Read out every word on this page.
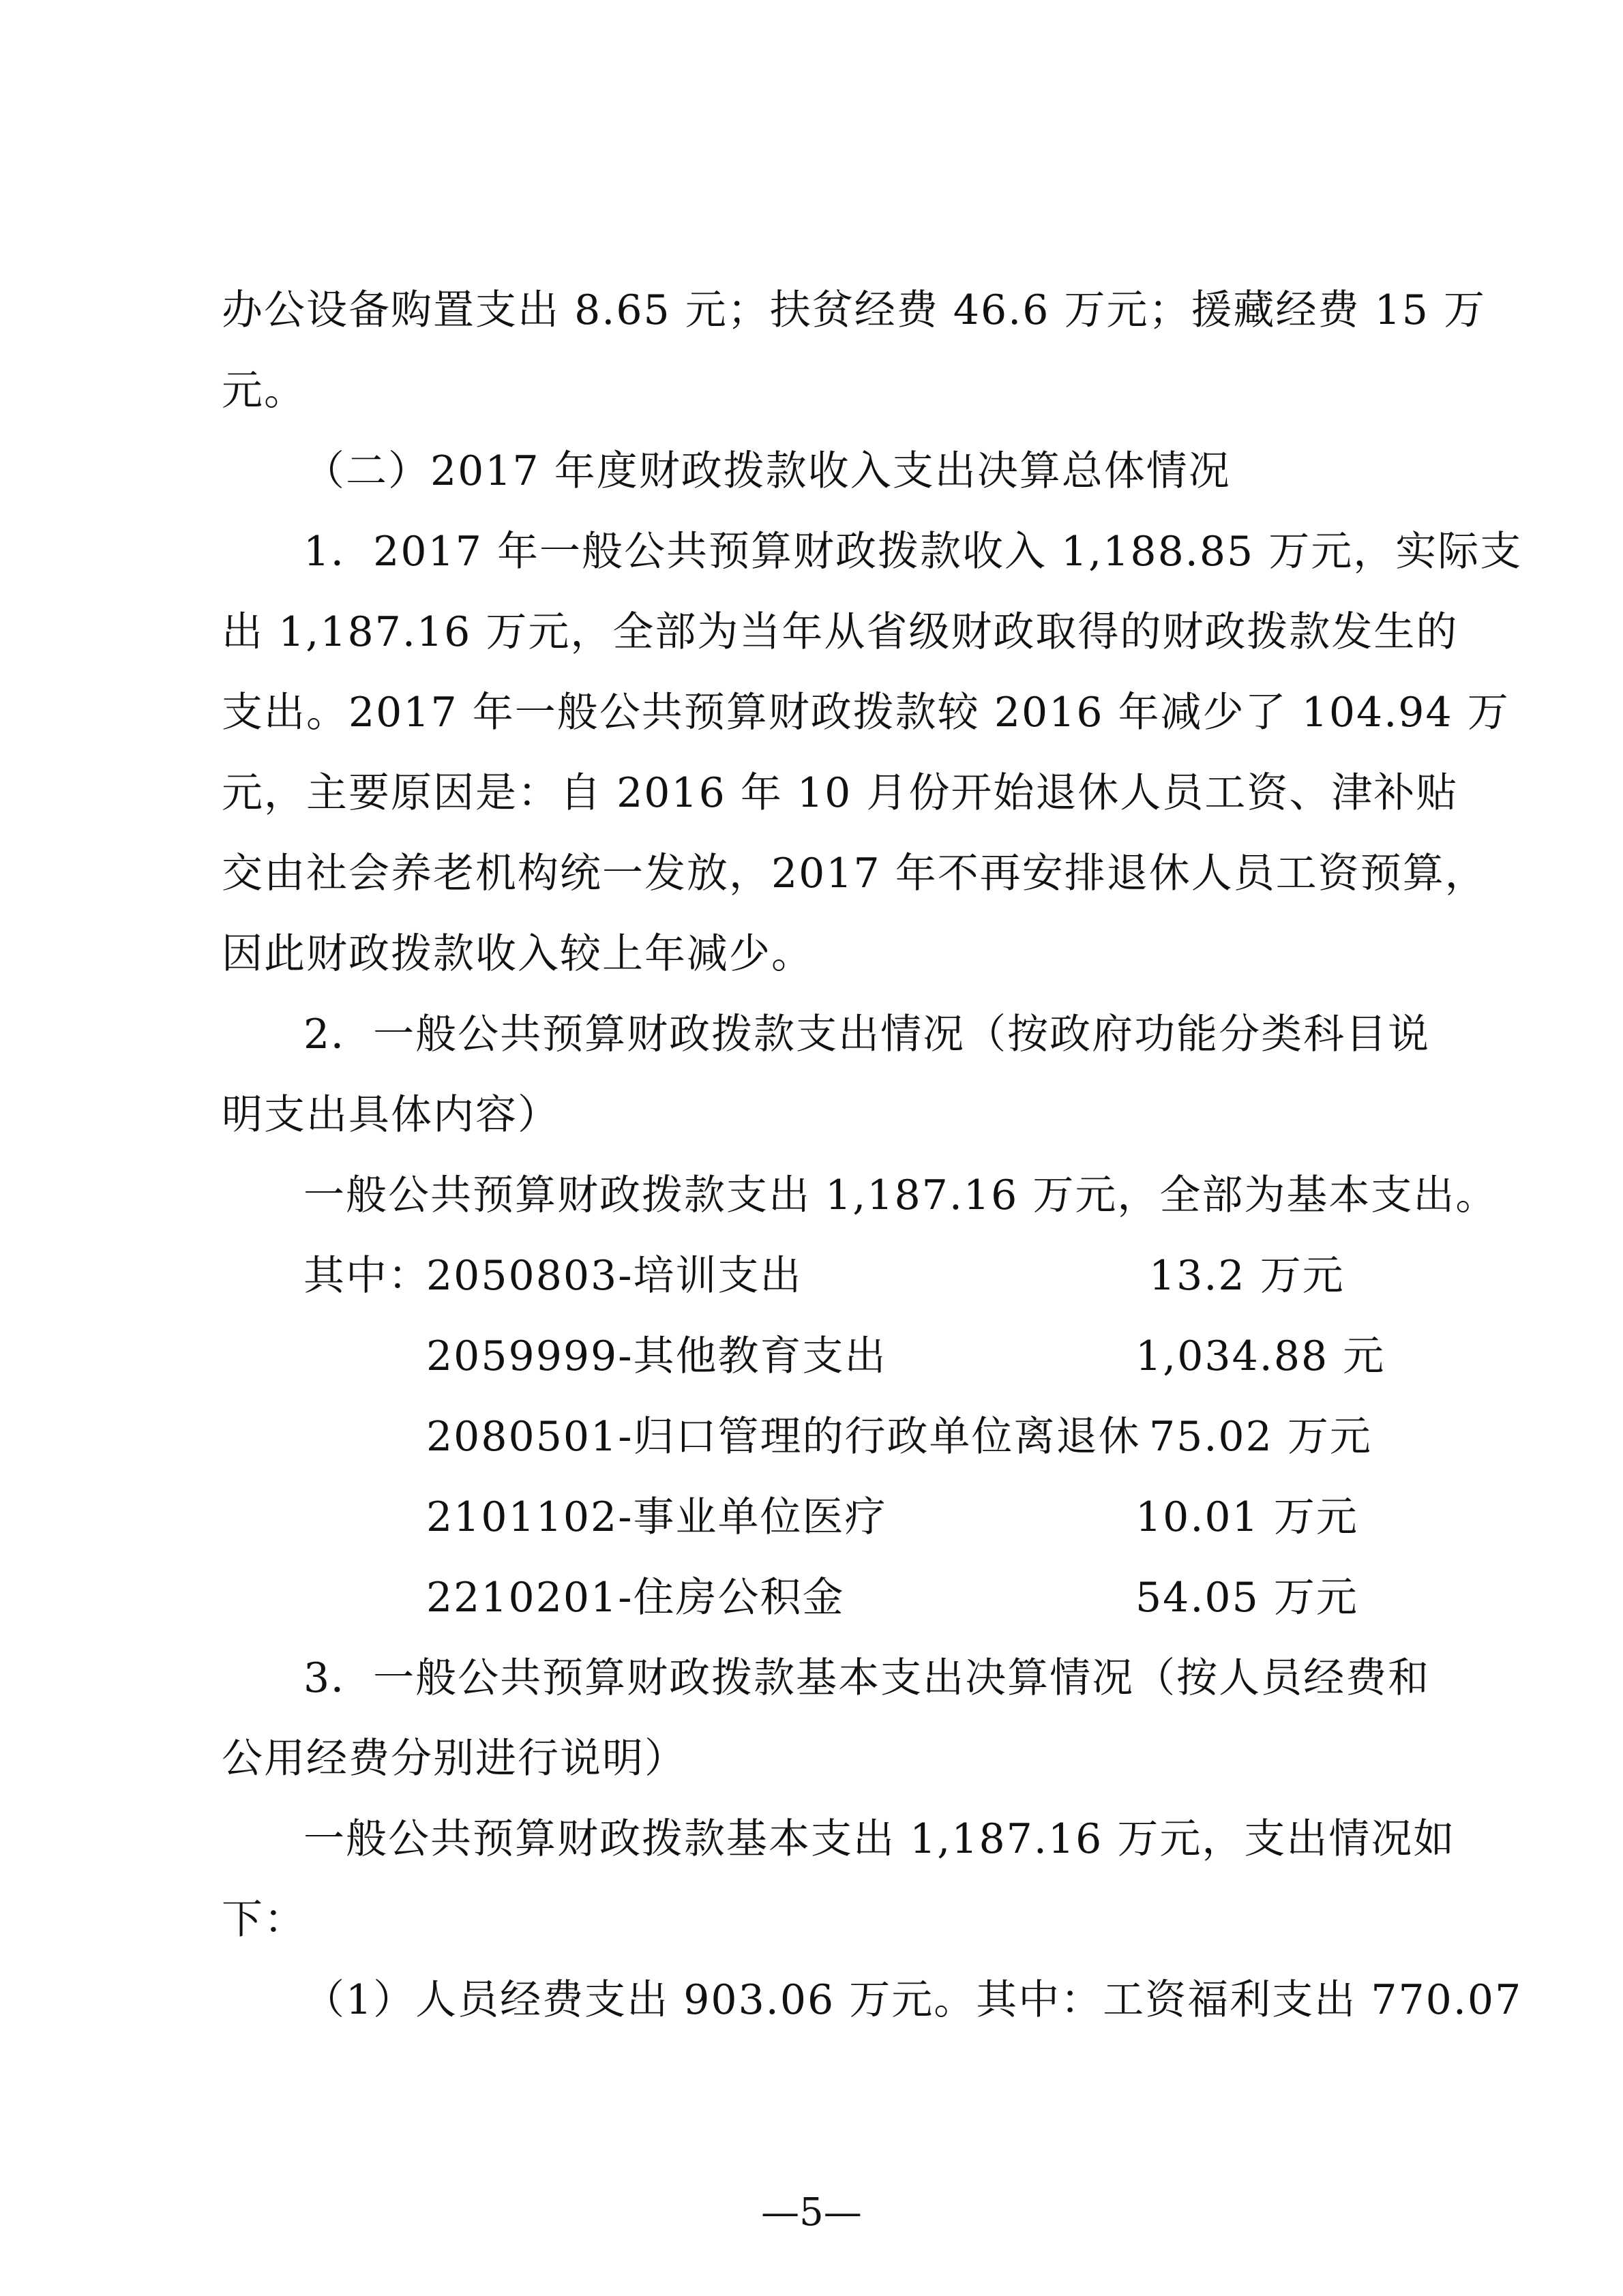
办公设备购置支出 8.65 元；扶贫经费 46.6 万元；援藏经费 15 万
元。
（二）2017 年度财政拨款收入支出决算总体情况
1．2017 年一般公共预算财政拨款收入 1,188.85 万元，实际支
出 1,187.16 万元，全部为当年从省级财政取得的财政拨款发生的
支出。2017 年一般公共预算财政拨款较 2016 年减少了 104.94 万
元，主要原因是：自 2016 年 10 月份开始退休人员工资、津补贴
交由社会养老机构统一发放，2017 年不再安排退休人员工资预算，
因此财政拨款收入较上年减少。
2．一般公共预算财政拨款支出情况（按政府功能分类科目说
明支出具体内容）
一般公共预算财政拨款支出 1,187.16 万元，全部为基本支出。
其中：
2050803-培训支出	13.2 万元
2059999-其他教育支出	1,034.88 元
2080501-归口管理的行政单位离退休 75.02 万元
2101102-事业单位医疗	10.01 万元
2210201-住房公积金	54.05 万元
3．一般公共预算财政拨款基本支出决算情况（按人员经费和
公用经费分别进行说明）
一般公共预算财政拨款基本支出 1,187.16 万元，支出情况如
下：
（1）人员经费支出 903.06 万元。其中：工资福利支出 770.07
—5—
